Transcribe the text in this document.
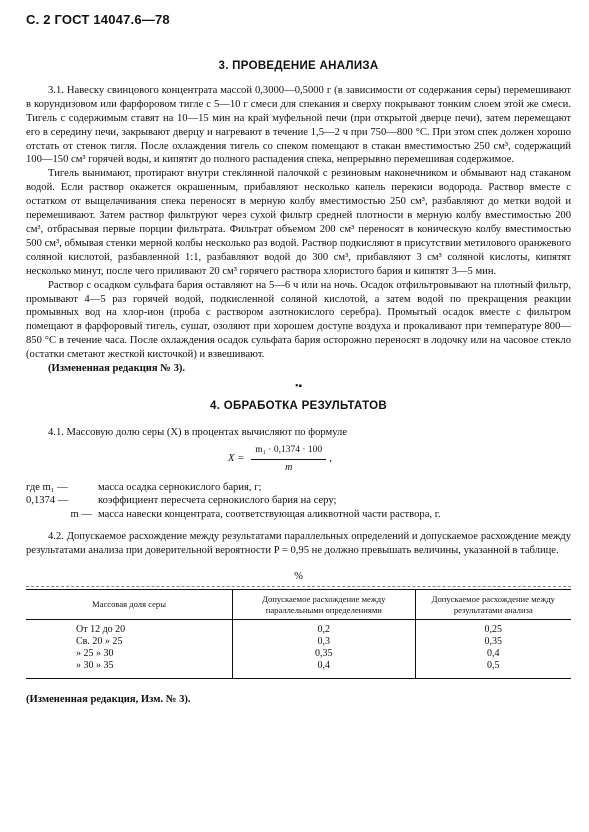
С. 2 ГОСТ 14047.6—78
3. ПРОВЕДЕНИЕ АНАЛИЗА

3.1. Навеску свинцового концентрата массой 0,3000—0,5000 г (в зависимости от содержания серы) перемешивают в корундизовом или фарфоровом тигле с 5—10 г смеси для спекания и сверху покрывают тонким слоем этой же смеси. Тигель с содержимым ставят на 10—15 мин на край муфельной печи (при открытой дверце печи), затем перемещают его в середину печи, закрывают дверцу и нагревают в течение 1,5—2 ч при 750—800 °С. При этом спек должен хорошо отстать от стенок тигля. После охлаждения тигель со спеком помещают в стакан вместимостью 250 см³, содержащий 100—150 см³ горячей воды, и кипятят до полного распадения спека, непрерывно перемешивая содержимое.

Тигель вынимают, протирают внутри стеклянной палочкой с резиновым наконечником и обмывают над стаканом водой. Если раствор окажется окрашенным, прибавляют несколько капель перекиси водорода. Раствор вместе с остатком от выщелачивания спека переносят в мерную колбу вместимостью 250 см³, разбавляют до метки водой и перемешивают. Затем раствор фильтруют через сухой фильтр средней плотности в мерную колбу вместимостью 200 см³, отбрасывая первые порции фильтрата. Фильтрат объемом 200 см³ переносят в коническую колбу вместимостью 500 см³, обмывая стенки мерной колбы несколько раз водой. Раствор подкисляют в присутствии метилового оранжевого соляной кислотой, разбавленной 1:1, разбавляют водой до 300 см³, прибавляют 3 см³ соляной кислоты, кипятят несколько минут, после чего приливают 20 см³ горячего раствора хлористого бария и кипятят 3—5 мин.

Раствор с осадком сульфата бария оставляют на 5—6 ч или на ночь. Осадок отфильтровывают на плотный фильтр, промывают 4—5 раз горячей водой, подкисленной соляной кислотой, а затем водой по прекращения реакции промывных вод на хлор-ион (проба с раствором азотнокислого серебра). Промытый осадок вместе с фильтром помещают в фарфоровый тигель, сушат, озоляют при хорошем доступе воздуха и прокаливают при температуре 800—850 °С в течение часа. После охлаждения осадок сульфата бария осторожно переносят в лодочку или на часовое стекло (остатки сметают жесткой кисточкой) и взвешивают.

(Измененная редакция № 3).

•▪
4. ОБРАБОТКА РЕЗУЛЬТАТОВ

4.1. Массовую долю серы (X) в процентах вычисляют по формуле

$X = \frac{\text{m₁ · 0,1374 · 100}}{m}$ ,
где m₁ —	масса осадка сернокислого бария, г;
0,1374 —	коэффициент пересчета сернокислого бария на серу;
m — масса навески концентрата, соответствующая аликвотной части раствора, г.

4.2. Допускаемое расхождение между результатами параллельных определений и допускаемое расхождение между результатами анализа при доверительной вероятности P = 0,95 не должно превышать величины, указанной в таблице.

%
Массовая доля серы	Допускаемое расхождение между параллельными определениями	Допускаемое расхождение между результатами анализа
От 12 до 20	0,2	0,25
Св. 20 » 25	0,3	0,35
» 25 » 30	0,35	0,4
» 30 » 35	0,4	0,5
(Измененная редакция, Изм. № 3).
